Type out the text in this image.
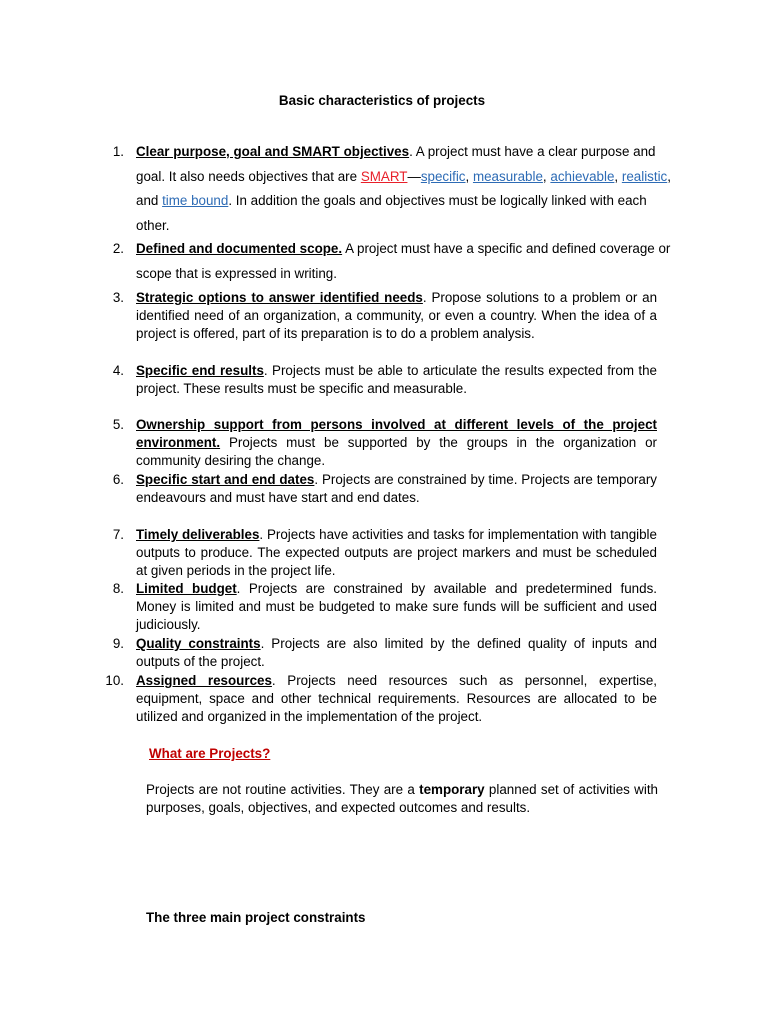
Basic characteristics of projects
1. Clear purpose, goal and SMART objectives. A project must have a clear purpose and goal. It also needs objectives that are SMART—specific, measurable, achievable, realistic, and time bound. In addition the goals and objectives must be logically linked with each other.
2. Defined and documented scope. A project must have a specific and defined coverage or scope that is expressed in writing.
3. Strategic options to answer identified needs. Propose solutions to a problem or an identified need of an organization, a community, or even a country. When the idea of a project is offered, part of its preparation is to do a problem analysis.
4. Specific end results. Projects must be able to articulate the results expected from the project. These results must be specific and measurable.
5. Ownership support from persons involved at different levels of the project environment. Projects must be supported by the groups in the organization or community desiring the change.
6. Specific start and end dates. Projects are constrained by time. Projects are temporary endeavours and must have start and end dates.
7. Timely deliverables. Projects have activities and tasks for implementation with tangible outputs to produce. The expected outputs are project markers and must be scheduled at given periods in the project life.
8. Limited budget. Projects are constrained by available and predetermined funds. Money is limited and must be budgeted to make sure funds will be sufficient and used judiciously.
9. Quality constraints. Projects are also limited by the defined quality of inputs and outputs of the project.
10. Assigned resources. Projects need resources such as personnel, expertise, equipment, space and other technical requirements. Resources are allocated to be utilized and organized in the implementation of the project.
What are Projects?
Projects are not routine activities. They are a temporary planned set of activities with purposes, goals, objectives, and expected outcomes and results.
The three main project constraints
